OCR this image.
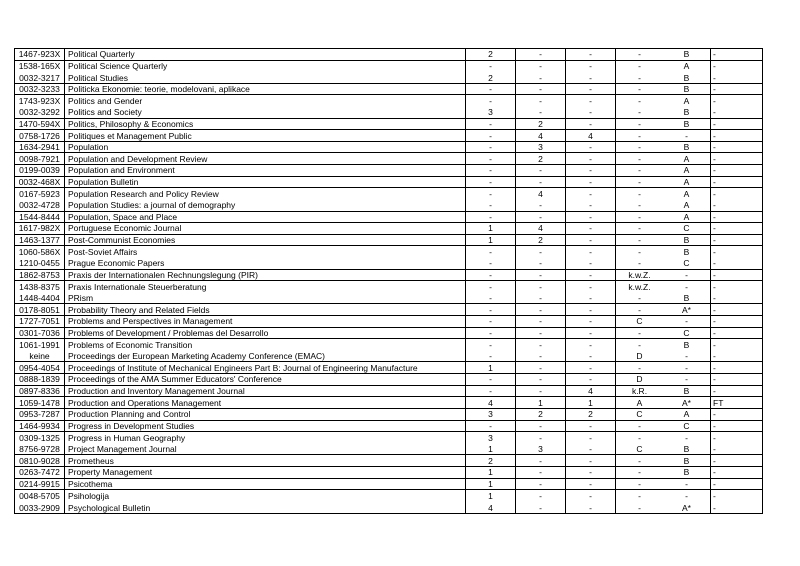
1467-923X Political Quarterly	2	-	-	-	B	-
1538-165X Political Science Quarterly	-	-	-	-	A	-
0032-3217 Political Studies	2	-	-	-	B	-
0032-3233 Politicka Ekonomie: teorie, modelovani, aplikace	-	-	-	-	B	-
1743-923X Politics and Gender	-	-	-	-	A	-
0032-3292 Politics and Society	3	-	-	-	B	-
1470-594X Politics, Philosophy & Economics	-	2	-	-	B	-
0758-1726 Politiques et Management Public	-	4	4	-	-	-
1634-2941 Population	-	3	-	-	B	-
0098-7921 Population and Development Review	-	2	-	-	A	-
0199-0039 Population and Environment	-	-	-	-	A	-
0032-468X Population Bulletin	-	-	-	-	A	-
0167-5923 Population Research and Policy Review	-	4	-	-	A	-
0032-4728 Population Studies: a journal of demography	-	-	-	-	A	-
1544-8444 Population, Space and Place	-	-	-	-	A	-
1617-982X Portuguese Economic Journal	1	4	-	-	C	-
1463-1377 Post-Communist Economies	1	2	-	-	B	-
1060-586X Post-Soviet Affairs	-	-	-	-	B	-
1210-0455 Prague Economic Papers	-	-	-	-	C	-
1862-8753 Praxis der Internationalen Rechnungslegung (PIR)	-	-	-	k.w.Z.	-	-
1438-8375 Praxis Internationale Steuerberatung	-	-	-	k.w.Z.	-	-
1448-4404 PRism	-	-	-	-	B	-
0178-8051 Probability Theory and Related Fields	-	-	-	-	A*	-
1727-7051 Problems and Perspectives in Management	-	-	-	C	-	-
0301-7036 Problems of Development / Problemas del Desarrollo	-	-	-	-	C	-
1061-1991 Problems of Economic Transition	-	-	-	-	B	-
keine	Proceedings der European Marketing Academy Conference (EMAC)	-	-	-	D	-	-
0954-4054 Proceedings of Institute of Mechanical Engineers Part B: Journal of Engineering Manufacture	1	-	-	-	-	-
0888-1839 Proceedings of the AMA Summer Educators' Conference	-	-	-	D	-	-
0897-8336 Production and Inventory Management Journal	-	-	4	k.R.	B	-
1059-1478 Production and Operations Management	4	1	1	A	A*	FT
0953-7287 Production Planning and Control	3	2	2	C	A	-
1464-9934 Progress in Development Studies	-	-	-	-	C	-
0309-1325 Progress in Human Geography	3	-	-	-	-	-
8756-9728 Project Management Journal	1	3	-	C	B	-
0810-9028 Prometheus	2	-	-	-	B	-
0263-7472 Property Management	1	-	-	-	B	-
0214-9915 Psicothema	1	-	-	-	-	-
0048-5705 Psihologija	1	-	-	-	-	-
0033-2909 Psychological Bulletin	4	-	-	-	A*	-
